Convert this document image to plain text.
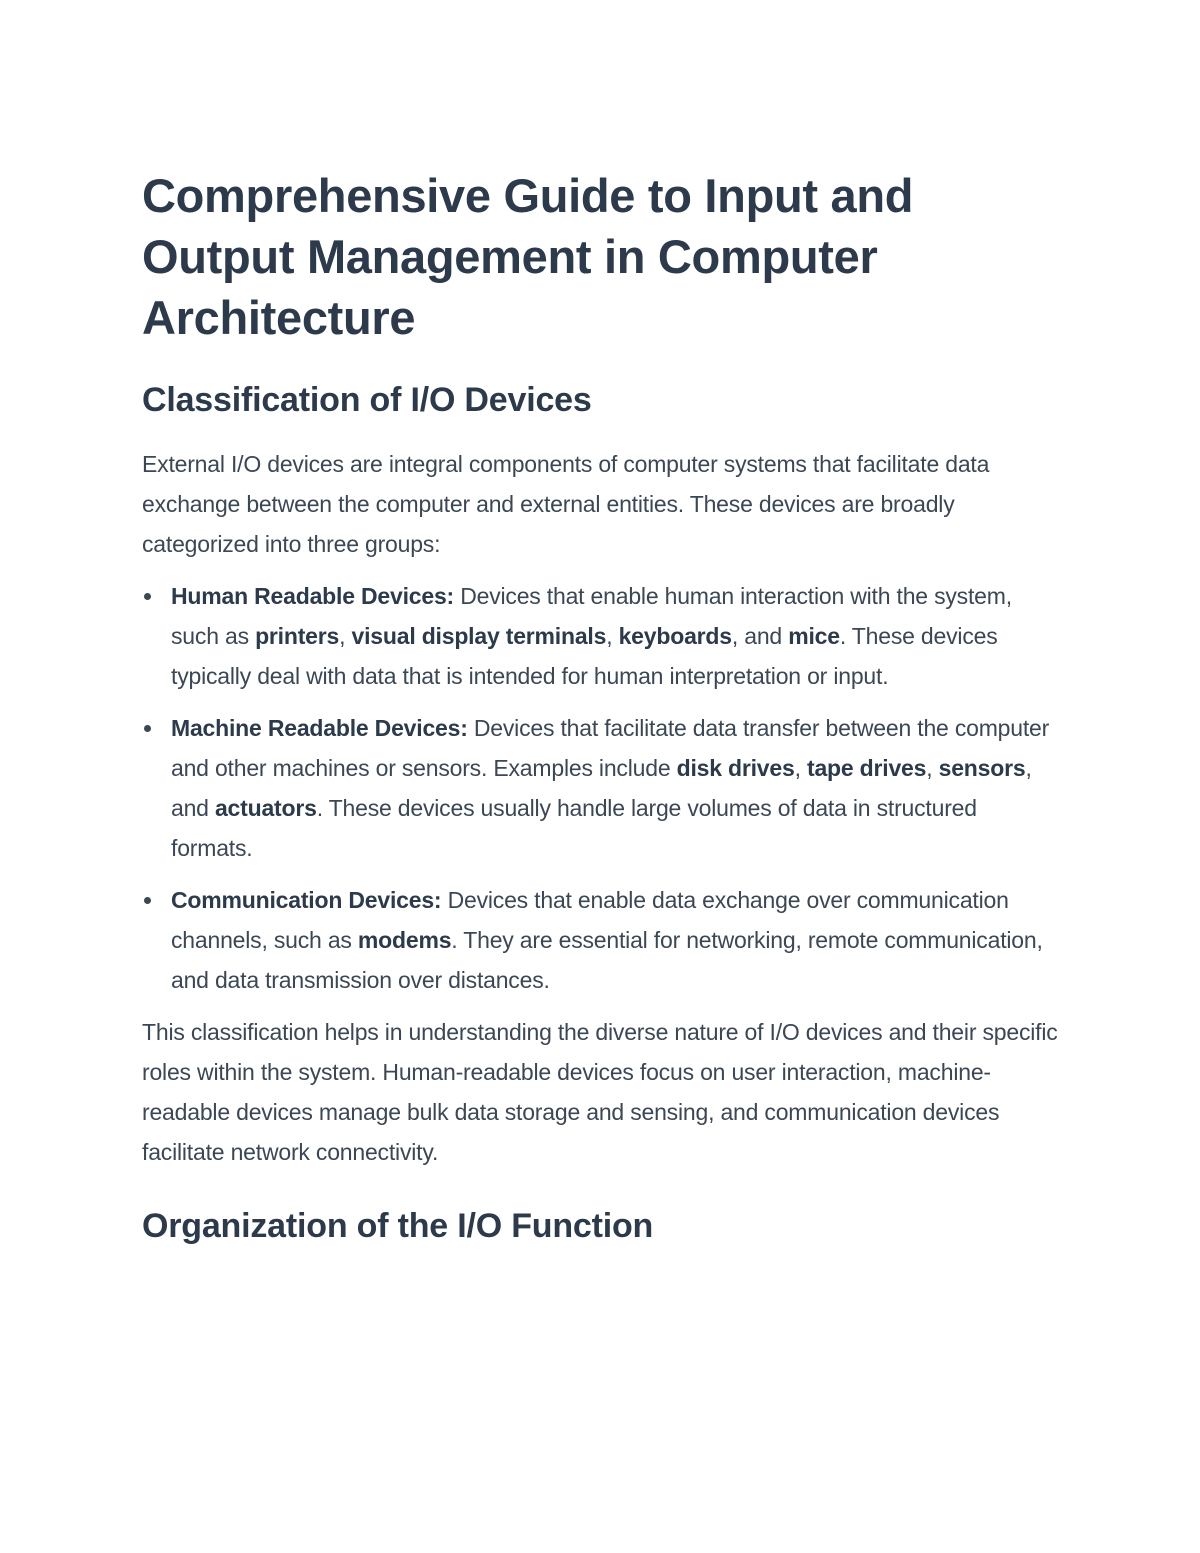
Comprehensive Guide to Input and Output Management in Computer Architecture
Classification of I/O Devices

External I/O devices are integral components of computer systems that facilitate data exchange between the computer and external entities. These devices are broadly categorized into three groups:

Human Readable Devices: Devices that enable human interaction with the system, such as printers, visual display terminals, keyboards, and mice. These devices typically deal with data that is intended for human interpretation or input.
Machine Readable Devices: Devices that facilitate data transfer between the computer and other machines or sensors. Examples include disk drives, tape drives, sensors, and actuators. These devices usually handle large volumes of data in structured formats.
Communication Devices: Devices that enable data exchange over communication channels, such as modems. They are essential for networking, remote communication, and data transmission over distances.

This classification helps in understanding the diverse nature of I/O devices and their specific roles within the system. Human-readable devices focus on user interaction, machine-readable devices manage bulk data storage and sensing, and communication devices facilitate network connectivity.

Organization of the I/O Function
